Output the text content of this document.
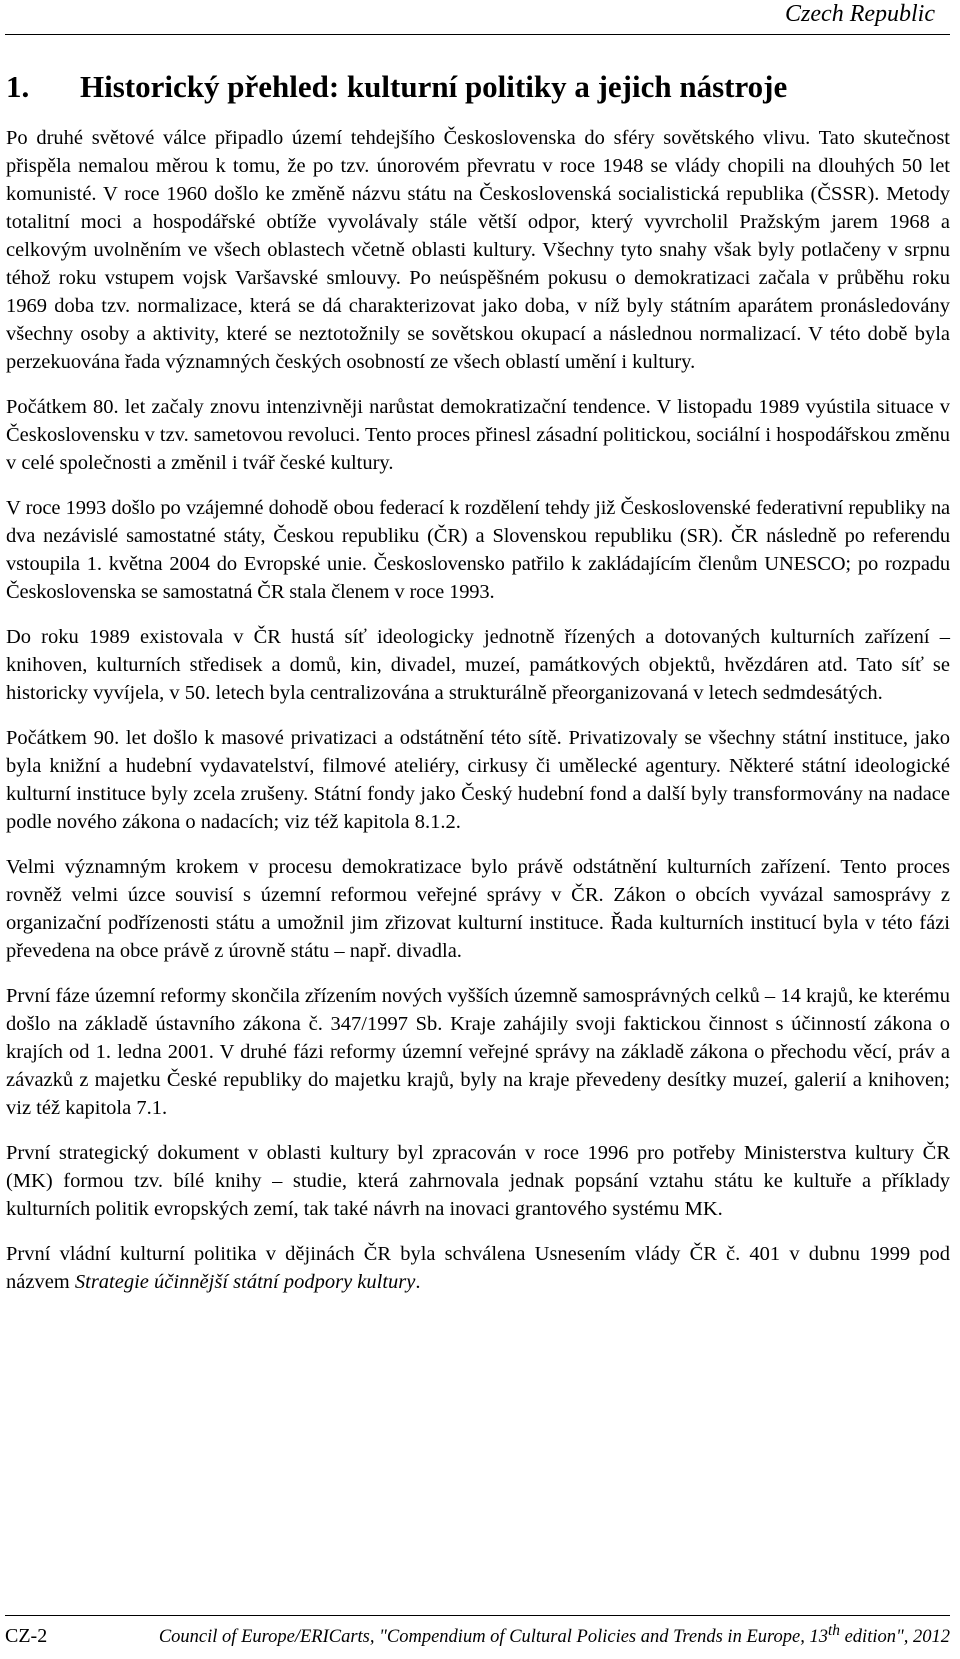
Czech Republic
1.	Historický přehled: kulturní politiky a jejich nástroje

Po druhé světové válce připadlo území tehdejšího Československa do sféry sovětského vlivu. Tato skutečnost přispěla nemalou měrou k tomu, že po tzv. únorovém převratu v roce 1948 se vlády chopili na dlouhých 50 let komunisté. V roce 1960 došlo ke změně názvu státu na Československá socialistická republika (ČSSR). Metody totalitní moci a hospodářské obtíže vyvolávaly stále větší odpor, který vyvrcholil Pražským jarem 1968 a celkovým uvolněním ve všech oblastech včetně oblasti kultury. Všechny tyto snahy však byly potlačeny v srpnu téhož roku vstupem vojsk Varšavské smlouvy. Po neúspěšném pokusu o demokratizaci začala v průběhu roku 1969 doba tzv. normalizace, která se dá charakterizovat jako doba, v níž byly státním aparátem pronásledovány všechny osoby a aktivity, které se neztotožnily se sovětskou okupací a následnou normalizací. V této době byla perzekuována řada významných českých osobností ze všech oblastí umění i kultury.

Počátkem 80. let začaly znovu intenzivněji narůstat demokratizační tendence. V listopadu 1989 vyústila situace v Československu v tzv. sametovou revoluci. Tento proces přinesl zásadní politickou, sociální i hospodářskou změnu v celé společnosti a změnil i tvář české kultury.

V roce 1993 došlo po vzájemné dohodě obou federací k rozdělení tehdy již Československé federativní republiky na dva nezávislé samostatné státy, Českou republiku (ČR) a Slovenskou republiku (SR). ČR následně po referendu vstoupila 1. května 2004 do Evropské unie. Československo patřilo k zakládajícím členům UNESCO; po rozpadu Československa se samostatná ČR stala členem v roce 1993.

Do roku 1989 existovala v ČR hustá síť ideologicky jednotně řízených a dotovaných kulturních zařízení – knihoven, kulturních středisek a domů, kin, divadel, muzeí, památkových objektů, hvězdáren atd. Tato síť se historicky vyvíjela, v 50. letech byla centralizována a strukturálně přeorganizovaná v letech sedmdesátých.

Počátkem 90. let došlo k masové privatizaci a odstátnění této sítě. Privatizovaly se všechny státní instituce, jako byla knižní a hudební vydavatelství, filmové ateliéry, cirkusy či umělecké agentury. Některé státní ideologické kulturní instituce byly zcela zrušeny. Státní fondy jako Český hudební fond a další byly transformovány na nadace podle nového zákona o nadacích; viz též kapitola 8.1.2.

Velmi významným krokem v procesu demokratizace bylo právě odstátnění kulturních zařízení. Tento proces rovněž velmi úzce souvisí s územní reformou veřejné správy v ČR. Zákon o obcích vyvázal samosprávy z organizační podřízenosti státu a umožnil jim zřizovat kulturní instituce. Řada kulturních institucí byla v této fázi převedena na obce právě z úrovně státu – např. divadla.

První fáze územní reformy skončila zřízením nových vyšších územně samosprávných celků – 14 krajů, ke kterému došlo na základě ústavního zákona č. 347/1997 Sb. Kraje zahájily svoji faktickou činnost s účinností zákona o krajích od 1. ledna 2001. V druhé fázi reformy územní veřejné správy na základě zákona o přechodu věcí, práv a závazků z majetku České republiky do majetku krajů, byly na kraje převedeny desítky muzeí, galerií a knihoven; viz též kapitola 7.1.

První strategický dokument v oblasti kultury byl zpracován v roce 1996 pro potřeby Ministerstva kultury ČR (MK) formou tzv. bílé knihy – studie, která zahrnovala jednak popsání vztahu státu ke kultuře a příklady kulturních politik evropských zemí, tak také návrh na inovaci grantového systému MK.

První vládní kulturní politika v dějinách ČR byla schválena Usnesením vlády ČR č. 401 v dubnu 1999 pod názvem Strategie účinnější státní podpory kultury.

CZ-2	Council of Europe/ERICarts, "Compendium of Cultural Policies and Trends in Europe, 13th edition", 2012
